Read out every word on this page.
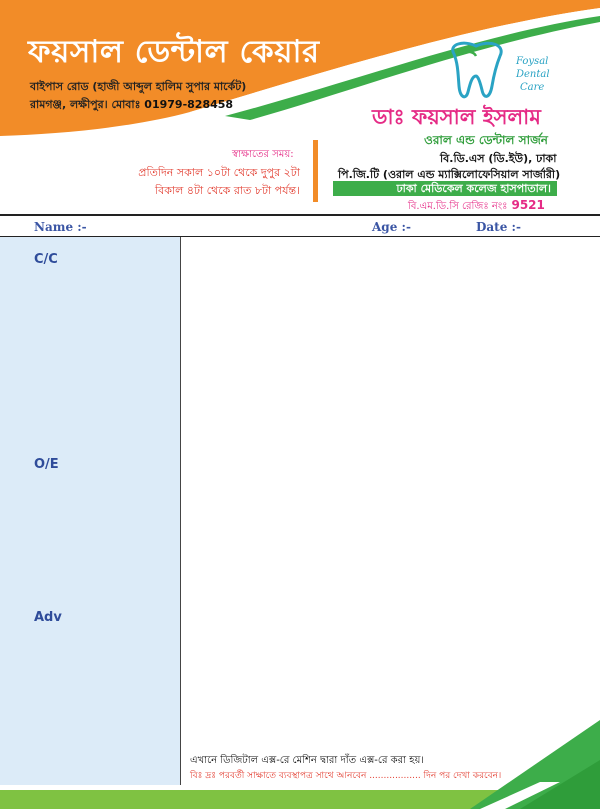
ফয়সাল ডেন্টাল কেয়ার
বাইপাস রোড (হাজী আব্দুল হালিম সুপার মার্কেট)
রামগঞ্জ, লক্ষীপুর। মোবাঃ 01979-828458
Foysal
Dental
Care
ডাঃ ফয়সাল ইসলাম
ওরাল এন্ড ডেন্টাল সার্জন
বি.ডি.এস (ডি.ইউ), ঢাকা
পি.জি.টি (ওরাল এন্ড ম্যাক্সিলোফেসিয়াল সার্জারী)
ঢাকা মেডিকেল কলেজ হাসপাতাল।
বি.এম.ডি.সি রেজিঃ নংঃ 9521
স্বাক্ষাতের সময়:
প্রতিদিন সকাল ১০টা থেকে দুপুর ২টা
বিকাল ৪টা থেকে রাত ৮টা পর্যন্ত।
Name :-	Age :-	Date :-
C/C
O/E
Adv
এখানে ডিজিটাল এক্স-রে মেশিন দ্বারা দাঁত এক্স-রে করা হয়।
বিঃ দ্রঃ পরবর্তী সাক্ষাতে ব্যবস্থাপত্র সাথে আনবেন .................. দিন পর দেখা করবেন।
